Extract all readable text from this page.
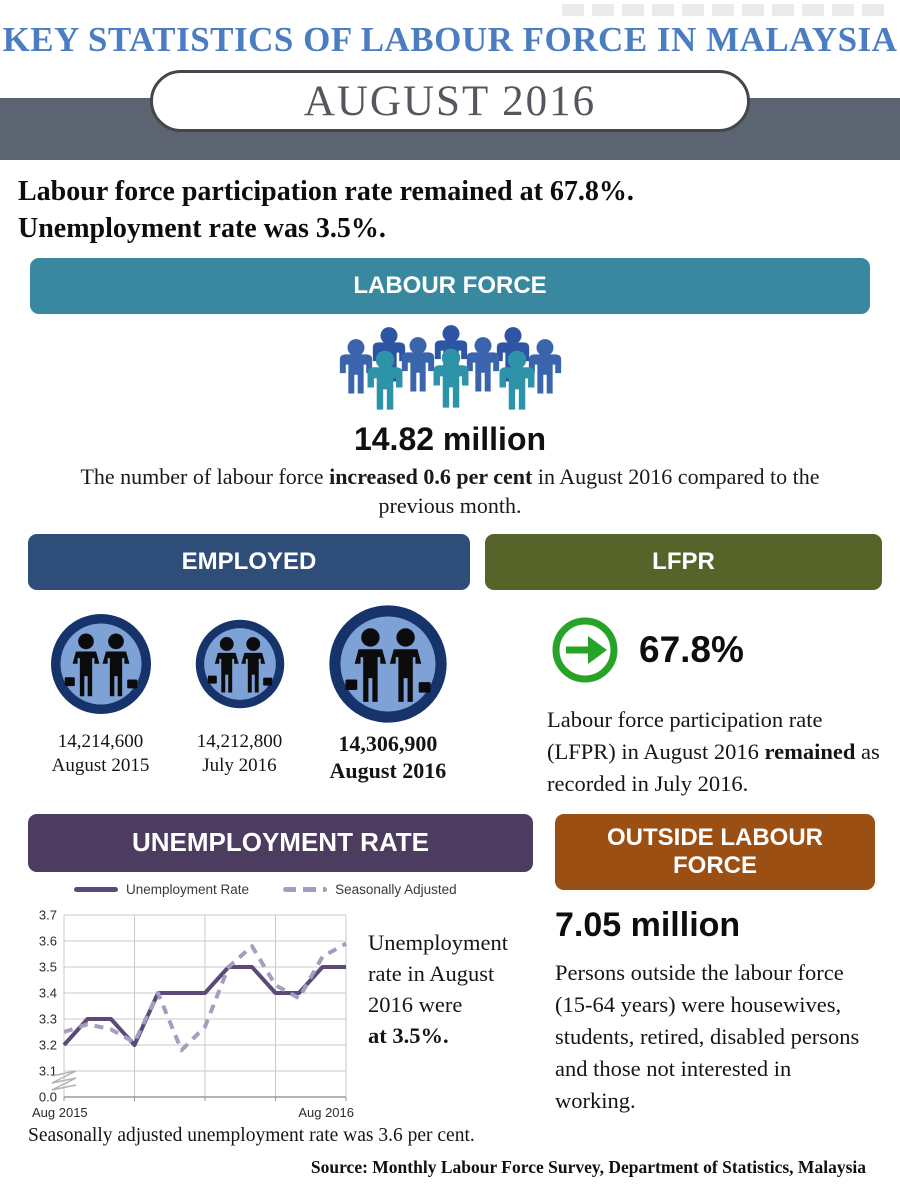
KEY STATISTICS OF LABOUR FORCE IN MALAYSIA
AUGUST 2016
Labour force participation rate remained at 67.8%.
Unemployment rate was 3.5%.
LABOUR FORCE
14.82 million
The number of labour force increased 0.6 per cent in August 2016 compared to the previous month.
EMPLOYED
14,214,600
August 2015
14,212,800
July 2016
14,306,900
August 2016
LFPR
67.8%
Labour force participation rate (LFPR) in August 2016 remained as recorded in July 2016.
UNEMPLOYMENT RATE
Unemployment Rate	Seasonally Adjusted
3.7
3.6
3.5
3.4
3.3
3.2
3.1
0.0
Aug 2015	Aug 2016
Unemployment rate in August 2016 were
at 3.5%.
Seasonally adjusted unemployment rate was 3.6 per cent.
OUTSIDE LABOUR FORCE
7.05 million
Persons outside the labour force (15-64 years) were housewives, students, retired, disabled persons and those not interested in working.
Source: Monthly Labour Force Survey, Department of Statistics, Malaysia
